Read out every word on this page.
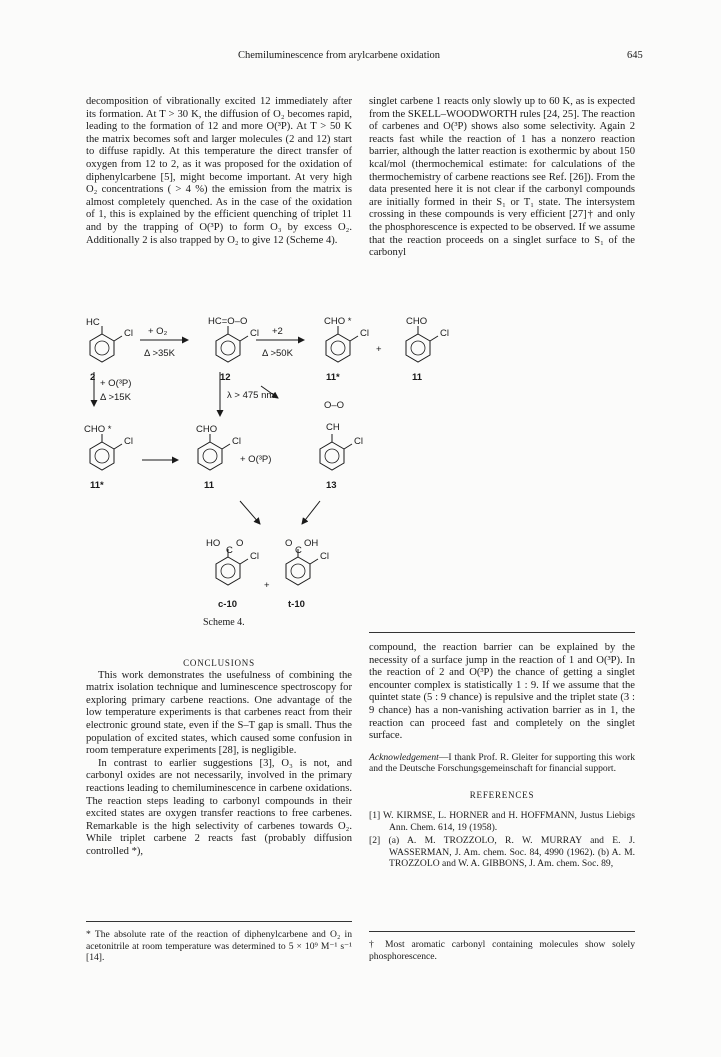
Chemiluminescence from arylcarbene oxidation	645

decomposition of vibrationally excited 12 immediately after its formation. At T > 30 K, the diffusion of O₂ becomes rapid, leading to the formation of 12 and more O(³P). At T > 50 K the matrix becomes soft and larger molecules (2 and 12) start to diffuse rapidly. At this temperature the direct transfer of oxygen from 12 to 2, as it was proposed for the oxidation of diphenylcarbene [5], might become important. At very high O₂ concentrations ( > 4 %) the emission from the matrix is almost completely quenched. As in the case of the oxidation of 1, this is explained by the efficient quenching of triplet 11 and by the trapping of O(³P) to form O₃ by excess O₂. Additionally 2 is also trapped by O₂ to give 12 (Scheme 4).

singlet carbene 1 reacts only slowly up to 60 K, as is expected from the SKELL–WOODWORTH rules [24, 25]. The reaction of carbenes and O(³P) shows also some selectivity. Again 2 reacts fast while the reaction of 1 has a nonzero reaction barrier, although the latter reaction is exothermic by about 150 kcal/mol (thermochemical estimate: for calculations of the thermochemistry of carbene reactions see Ref. [26]). From the data presented here it is not clear if the carbonyl compounds are initially formed in their S₁ or T₁ state. The intersystem crossing in these compounds is very efficient [27]† and only the phosphorescence is expected to be observed. If we assume that the reaction proceeds on a singlet surface to S₁ of the carbonyl

HC
Cl + O₂
Δ >35K
HC=O–O
Cl +2
Δ >50K
CHO *
Cl
+
CHO
Cl
+ O(³P)
Δ >15K	λ > 475 nm
O–O
CH
CHO *
Cl
CHO
Cl
+ O(³P)
Cl
HO
C
O
Cl
+
O
C
OH
Cl
2	12	11*	11
11*	11	13
c-10	t-10
Scheme 4.

CONCLUSIONS

This work demonstrates the usefulness of combining the matrix isolation technique and luminescence spectroscopy for exploring primary carbene reactions. One advantage of the low temperature experiments is that carbenes react from their electronic ground state, even if the S–T gap is small. Thus the population of excited states, which caused some confusion in room temperature experiments [28], is negligible.

In contrast to earlier suggestions [3], O₃ is not, and carbonyl oxides are not necessarily, involved in the primary reactions leading to chemiluminescence in carbene oxidations. The reaction steps leading to carbonyl compounds in their excited states are oxygen transfer reactions to free carbenes. Remarkable is the high selectivity of carbenes towards O₂. While triplet carbene 2 reacts fast (probably diffusion controlled *),

compound, the reaction barrier can be explained by the necessity of a surface jump in the reaction of 1 and O(³P). In the reaction of 2 and O(³P) the chance of getting a singlet encounter complex is statistically 1 : 9. If we assume that the quintet state (5 : 9 chance) is repulsive and the triplet state (3 : 9 chance) has a non-vanishing activation barrier as in 1, the reaction can proceed fast and completely on the singlet surface.

Acknowledgement—I thank Prof. R. Gleiter for supporting this work and the Deutsche Forschungsgemeinschaft for financial support.

REFERENCES

[1] W. KIRMSE, L. HORNER and H. HOFFMANN, Justus Liebigs Ann. Chem. 614, 19 (1958).

[2] (a) A. M. TROZZOLO, R. W. MURRAY and E. J. WASSERMAN, J. Am. chem. Soc. 84, 4990 (1962). (b) A. M. TROZZOLO and W. A. GIBBONS, J. Am. chem. Soc. 89,

* The absolute rate of the reaction of diphenylcarbene and O₂ in acetonitrile at room temperature was determined to 5 × 10⁹ M⁻¹ s⁻¹ [14].
† Most aromatic carbonyl containing molecules show solely phosphorescence.
